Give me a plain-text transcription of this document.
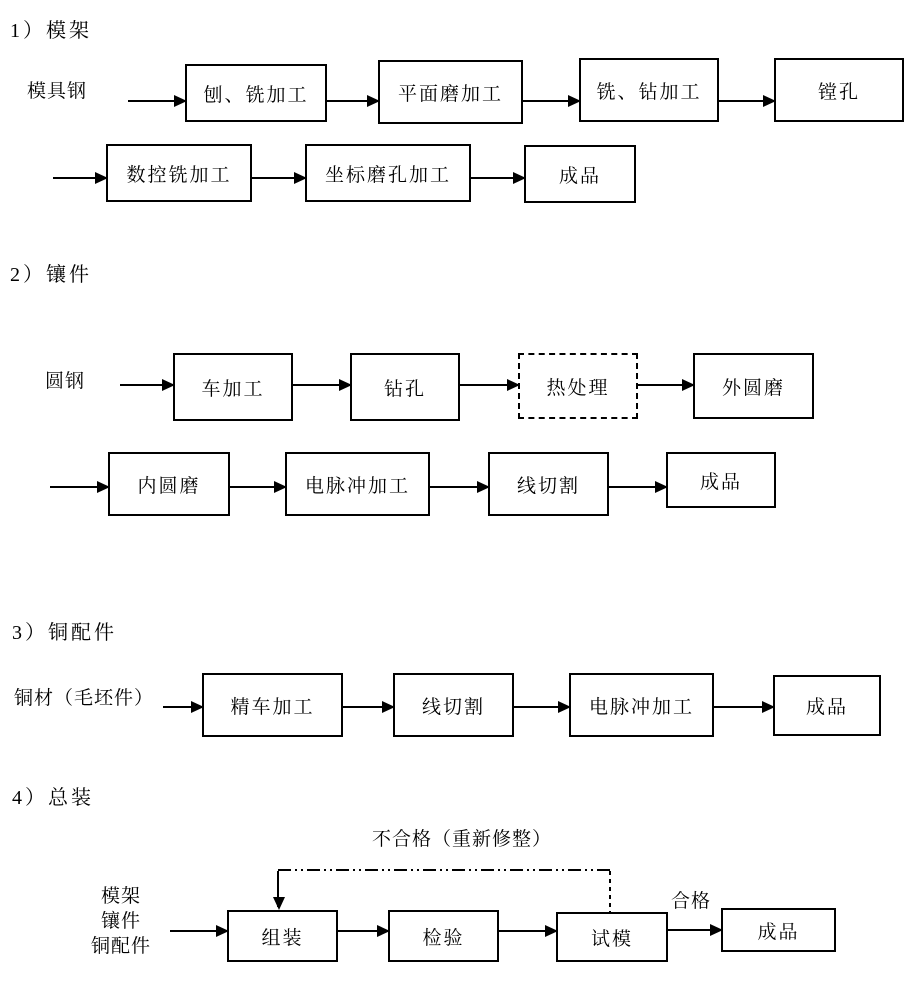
1）模架
模具钢	刨、铣加工	平面磨加工	铣、钻加工	镗孔
数控铣加工	坐标磨孔加工	成品
2）镶件
圆钢	车加工	钻孔	热处理	外圆磨
内圆磨	电脉冲加工	线切割	成品
3）铜配件
铜材（毛坯件）	精车加工	线切割	电脉冲加工	成品
4）总装
不合格（重新修整）
模架
镶件
铜配件	组装	检验	试模
合格
成品
